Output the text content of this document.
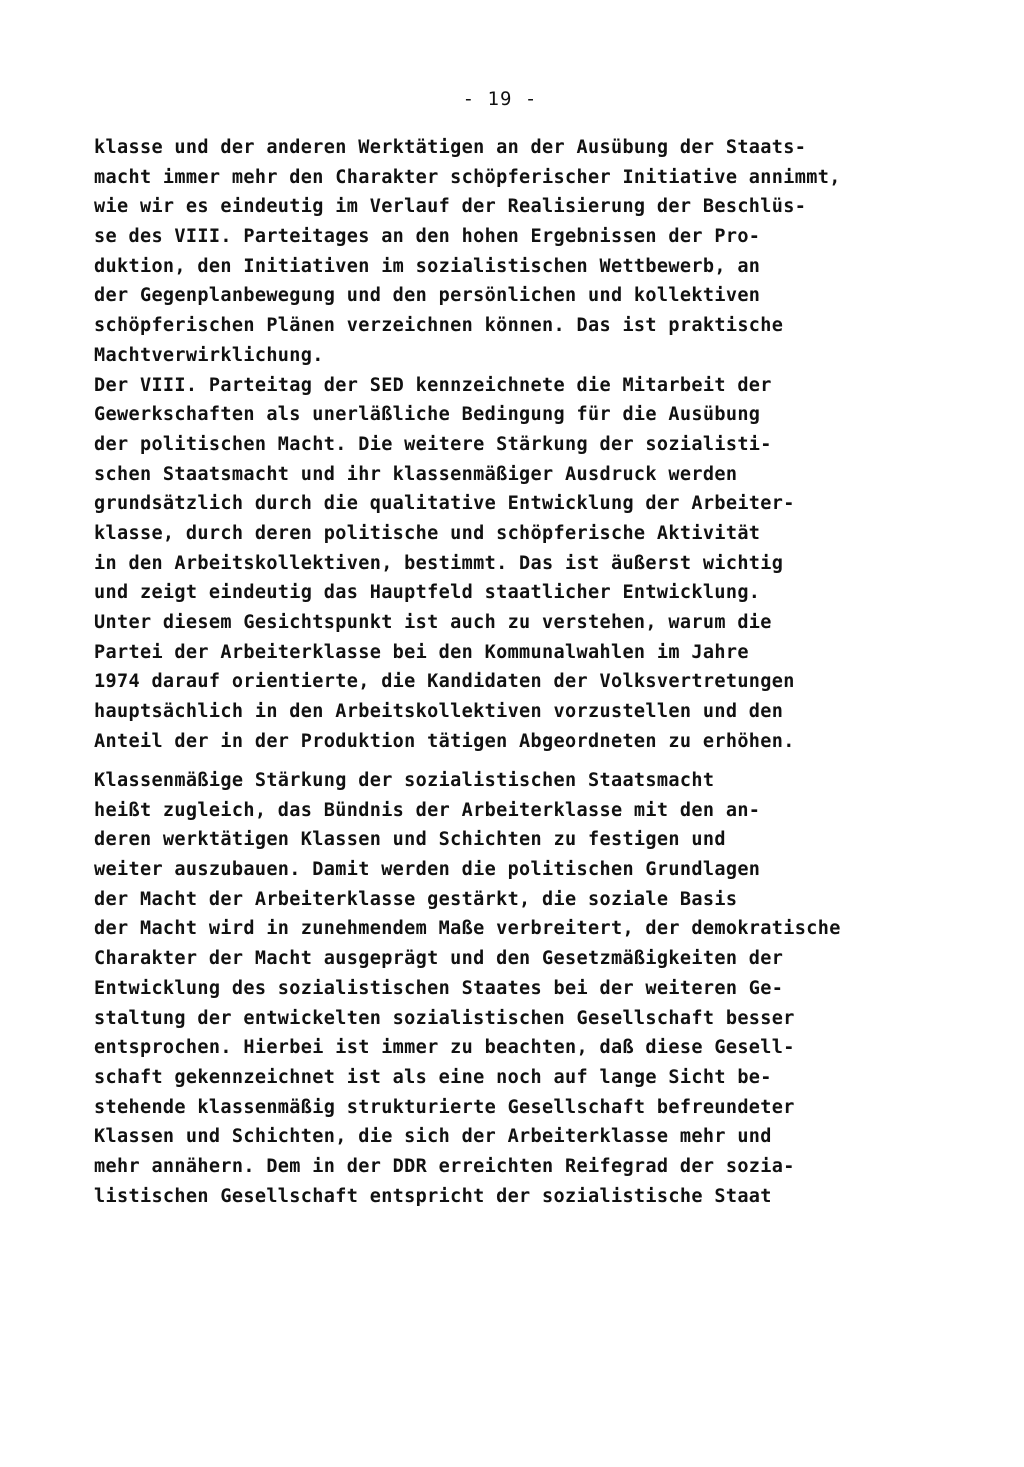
- 19 -
klasse und der anderen Werktätigen an der Ausübung der Staats-
macht immer mehr den Charakter schöpferischer Initiative annimmt,
wie wir es eindeutig im Verlauf der Realisierung der Beschlüs-
se des VIII. Parteitages an den hohen Ergebnissen der Pro-
duktion, den Initiativen im sozialistischen Wettbewerb, an
der Gegenplanbewegung und den persönlichen und kollektiven
schöpferischen Plänen verzeichnen können. Das ist praktische
Machtverwirklichung.
Der VIII. Parteitag der SED kennzeichnete die Mitarbeit der
Gewerkschaften als unerläßliche Bedingung für die Ausübung
der politischen Macht. Die weitere Stärkung der sozialisti-
schen Staatsmacht und ihr klassenmäßiger Ausdruck werden
grundsätzlich durch die qualitative Entwicklung der Arbeiter-
klasse, durch deren politische und schöpferische Aktivität
in den Arbeitskollektiven, bestimmt. Das ist äußerst wichtig
und zeigt eindeutig das Hauptfeld staatlicher Entwicklung.
Unter diesem Gesichtspunkt ist auch zu verstehen, warum die
Partei der Arbeiterklasse bei den Kommunalwahlen im Jahre
1974 darauf orientierte, die Kandidaten der Volksvertretungen
hauptsächlich in den Arbeitskollektiven vorzustellen und den
Anteil der in der Produktion tätigen Abgeordneten zu erhöhen.
Klassenmäßige Stärkung der sozialistischen Staatsmacht
heißt zugleich, das Bündnis der Arbeiterklasse mit den an-
deren werktätigen Klassen und Schichten zu festigen und
weiter auszubauen. Damit werden die politischen Grundlagen
der Macht der Arbeiterklasse gestärkt, die soziale Basis
der Macht wird in zunehmendem Maße verbreitert, der demokratische
Charakter der Macht ausgeprägt und den Gesetzmäßigkeiten der
Entwicklung des sozialistischen Staates bei der weiteren Ge-
staltung der entwickelten sozialistischen Gesellschaft besser
entsprochen. Hierbei ist immer zu beachten, daß diese Gesell-
schaft gekennzeichnet ist als eine noch auf lange Sicht be-
stehende klassenmäßig strukturierte Gesellschaft befreundeter
Klassen und Schichten, die sich der Arbeiterklasse mehr und
mehr annähern. Dem in der DDR erreichten Reifegrad der sozia-
listischen Gesellschaft entspricht der sozialistische Staat
